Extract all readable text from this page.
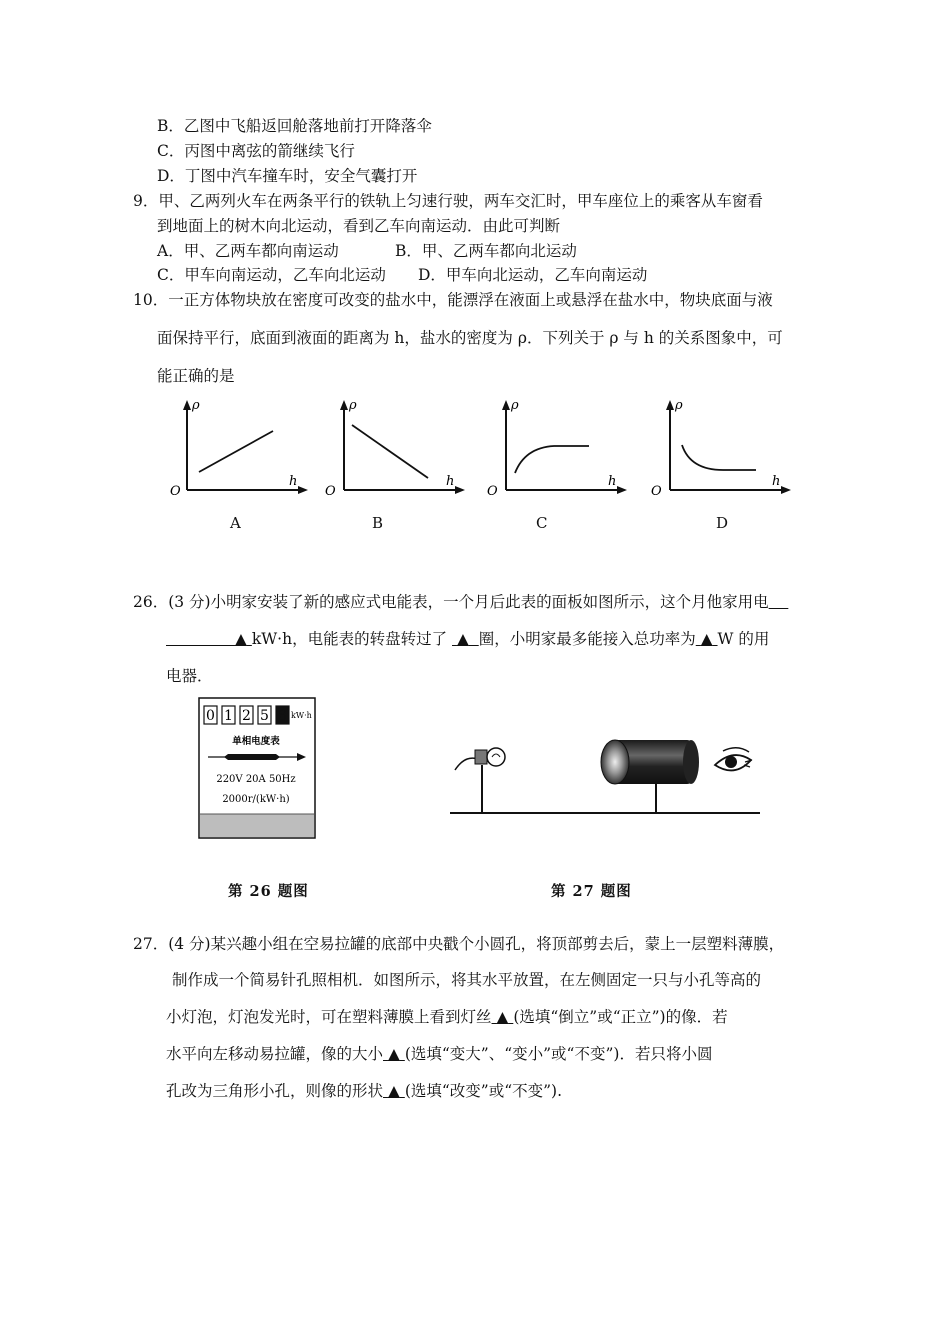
B．乙图中飞船返回舱落地前打开降落伞
C．丙图中离弦的箭继续飞行
D．丁图中汽车撞车时，安全气囊打开
9．甲、乙两列火车在两条平行的铁轨上匀速行驶，两车交汇时，甲车座位上的乘客从车窗看
到地面上的树木向北运动，看到乙车向南运动．由此可判断
A．甲、乙两车都向南运动	B．甲、乙两车都向北运动
C．甲车向南运动，乙车向北运动 D．甲车向北运动，乙车向南运动
10．一正方体物块放在密度可改变的盐水中，能漂浮在液面上或悬浮在盐水中，物块底面与液
面保持平行，底面到液面的距离为 h，盐水的密度为 ρ．下列关于 ρ 与 h 的关系图象中，可
能正确的是
ρ
h
O
A
ρ
h
O
B
ρ
h
O
C
ρ
h
O
D
26．(3 分)小明家安装了新的感应式电能表，一个月后此表的面板如图所示，这个月他家用电
▲ kW·h，电能表的转盘转过了 ▲ 圈，小明家最多能接入总功率为 ▲ W 的用
电器．
0 1 2 5 8 kW·h
单相电度表
220V 20A 50Hz
2000r/(kW·h)
第 26 题图	第 27 题图
27．(4 分)某兴趣小组在空易拉罐的底部中央戳个小圆孔，将顶部剪去后，蒙上一层塑料薄膜，
制作成一个简易针孔照相机．如图所示，将其水平放置，在左侧固定一只与小孔等高的
小灯泡，灯泡发光时，可在塑料薄膜上看到灯丝 ▲ (选填“倒立”或“正立”)的像．若
水平向左移动易拉罐，像的大小 ▲ (选填“变大”、“变小”或“不变”)．若只将小圆
孔改为三角形小孔，则像的形状 ▲ (选填“改变”或“不变”).
